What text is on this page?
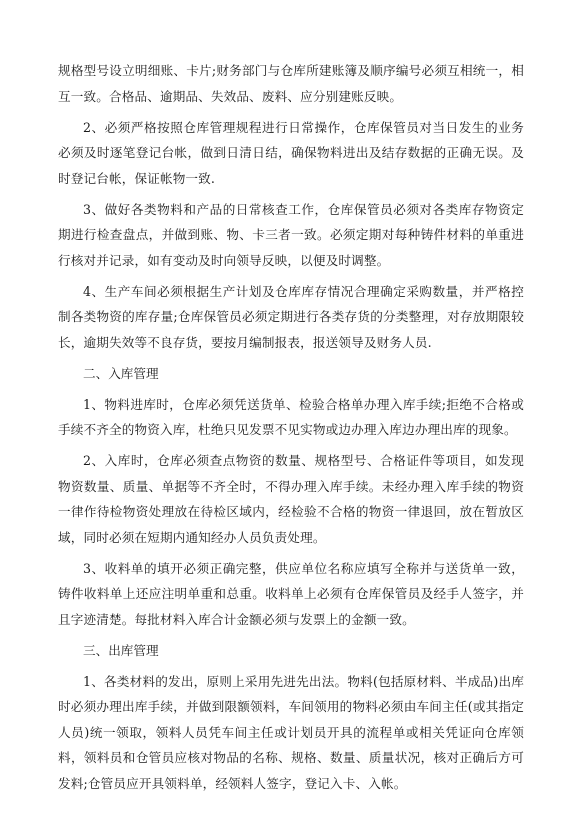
规格型号设立明细账、卡片;财务部门与仓库所建账簿及顺序编号必须互相统一，相互一致。合格品、逾期品、失效品、废料、应分别建账反映。

2、必须严格按照仓库管理规程进行日常操作，仓库保管员对当日发生的业务必须及时逐笔登记台帐，做到日清日结，确保物料进出及结存数据的正确无误。及时登记台帐，保证帐物一致.

3、做好各类物料和产品的日常核查工作，仓库保管员必须对各类库存物资定期进行检查盘点，并做到账、物、卡三者一致。必须定期对每种铸件材料的单重进行核对并记录，如有变动及时向领导反映，以便及时调整。

4、生产车间必须根据生产计划及仓库库存情况合理确定采购数量，并严格控制各类物资的库存量;仓库保管员必须定期进行各类存货的分类整理，对存放期限较长，逾期失效等不良存货，要按月编制报表，报送领导及财务人员.

二、入库管理

1、物料进库时，仓库必须凭送货单、检验合格单办理入库手续;拒绝不合格或手续不齐全的物资入库，杜绝只见发票不见实物或边办理入库边办理出库的现象。

2、入库时，仓库必须查点物资的数量、规格型号、合格证件等项目，如发现物资数量、质量、单据等不齐全时，不得办理入库手续。未经办理入库手续的物资一律作待检物资处理放在待检区域内，经检验不合格的物资一律退回，放在暂放区域，同时必须在短期内通知经办人员负责处理。

3、收料单的填开必须正确完整，供应单位名称应填写全称并与送货单一致，铸件收料单上还应注明单重和总重。收料单上必须有仓库保管员及经手人签字，并且字迹清楚。每批材料入库合计金额必须与发票上的金额一致。

三、出库管理

1、各类材料的发出，原则上采用先进先出法。物料(包括原材料、半成品)出库时必须办理出库手续，并做到限额领料，车间领用的物料必须由车间主任(或其指定人员)统一领取，领料人员凭车间主任或计划员开具的流程单或相关凭证向仓库领料，领料员和仓管员应核对物品的名称、规格、数量、质量状况，核对正确后方可发料;仓管员应开具领料单，经领料人签字，登记入卡、入帐。
